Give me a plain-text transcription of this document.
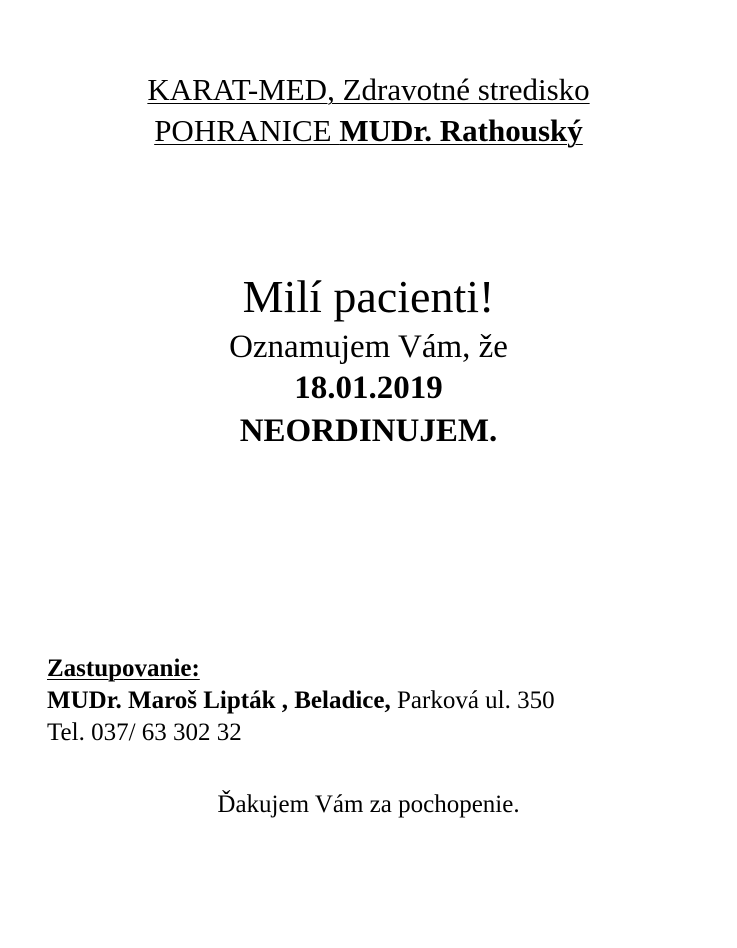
KARAT-MED, Zdravotné stredisko
POHRANICE MUDr. Rathouský
Milí pacienti!
Oznamujem Vám, že
18.01.2019
NEORDINUJEM.
Zastupovanie:
MUDr. Maroš Lipták , Beladice, Parková ul. 350
Tel. 037/ 63 302 32
Ďakujem Vám za pochopenie.
